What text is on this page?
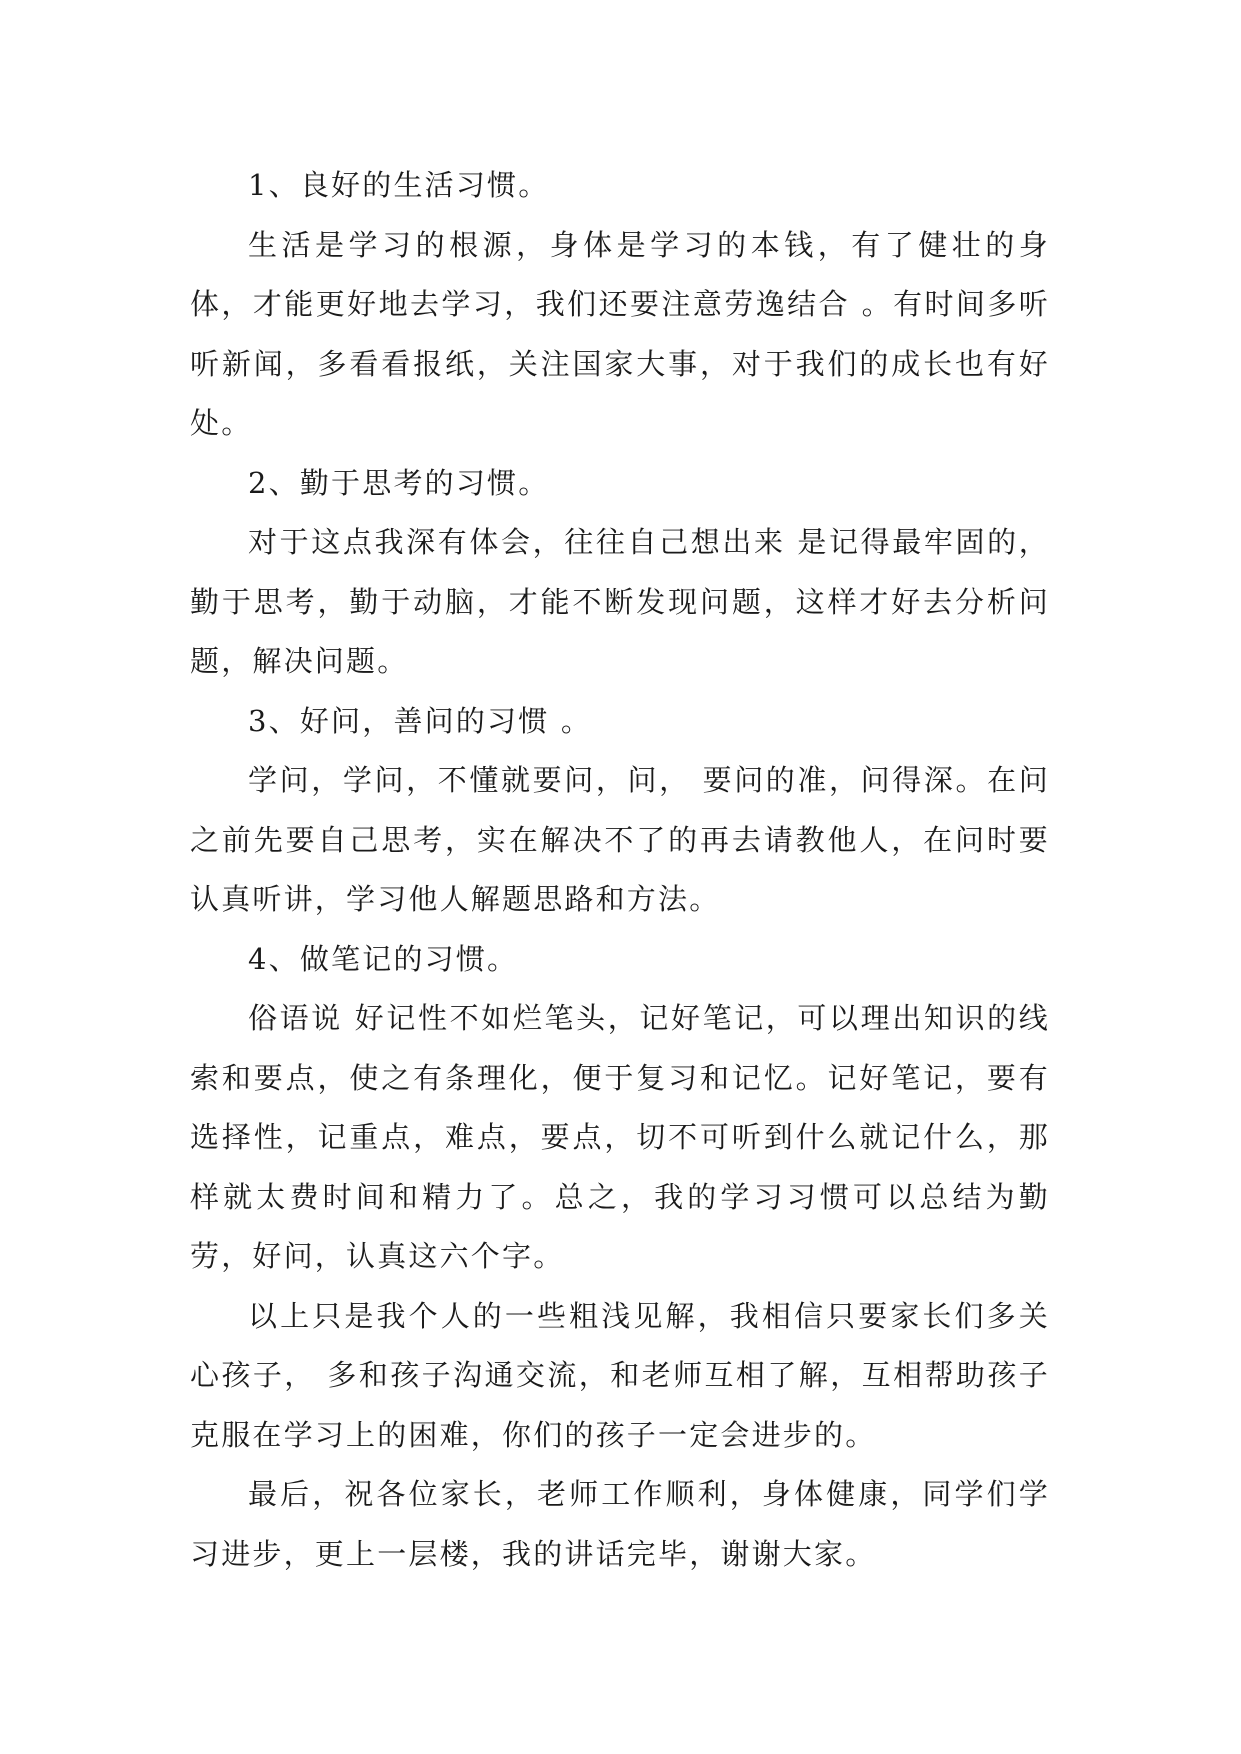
1、良好的生活习惯。

生活是学习的根源，身体是学习的本钱，有了健壮的身体，才能更好地去学习，我们还要注意劳逸结合 。有时间多听听新闻，多看看报纸，关注国家大事，对于我们的成长也有好处。

2、勤于思考的习惯。

对于这点我深有体会，往往自己想出来 是记得最牢固的，勤于思考，勤于动脑，才能不断发现问题，这样才好去分析问题，解决问题。

3、好问，善问的习惯 。

学问，学问，不懂就要问，问， 要问的准，问得深。在问之前先要自己思考，实在解决不了的再去请教他人，在问时要认真听讲，学习他人解题思路和方法。

4、做笔记的习惯。

俗语说 好记性不如烂笔头，记好笔记，可以理出知识的线索和要点，使之有条理化，便于复习和记忆。记好笔记，要有选择性，记重点，难点，要点，切不可听到什么就记什么，那样就太费时间和精力了。总之，我的学习习惯可以总结为勤劳，好问，认真这六个字。

以上只是我个人的一些粗浅见解，我相信只要家长们多关心孩子， 多和孩子沟通交流，和老师互相了解，互相帮助孩子克服在学习上的困难，你们的孩子一定会进步的。

最后，祝各位家长，老师工作顺利，身体健康，同学们学习进步，更上一层楼，我的讲话完毕，谢谢大家。
